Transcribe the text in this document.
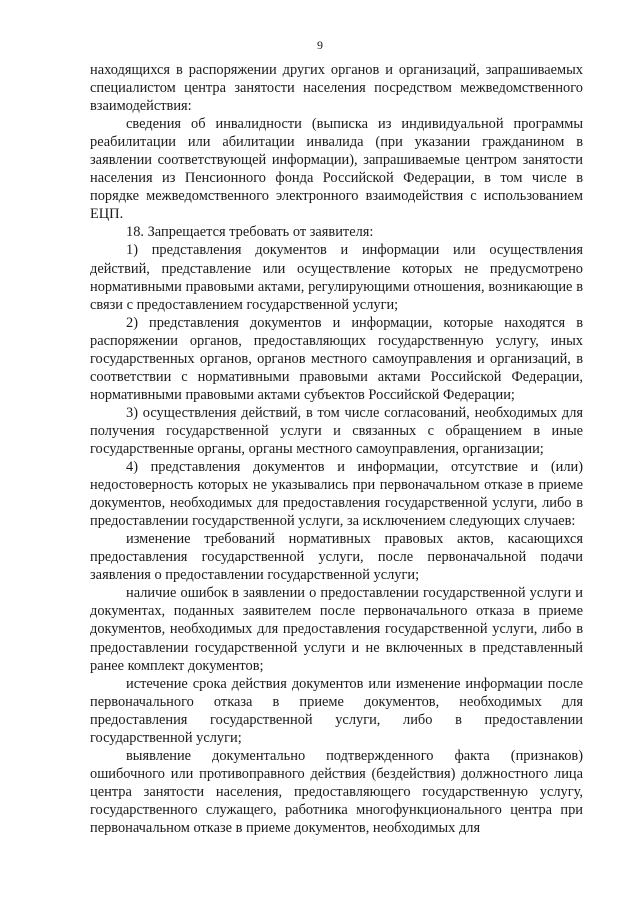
9

находящихся в распоряжении других органов и организаций, запрашиваемых специалистом центра занятости населения посредством межведомственного взаимодействия:

сведения об инвалидности (выписка из индивидуальной программы реабилитации или абилитации инвалида (при указании гражданином в заявлении соответствующей информации), запрашиваемые центром занятости населения из Пенсионного фонда Российской Федерации, в том числе в порядке межведомственного электронного взаимодействия с использованием ЕЦП.

18. Запрещается требовать от заявителя:

1) представления документов и информации или осуществления действий, представление или осуществление которых не предусмотрено нормативными правовыми актами, регулирующими отношения, возникающие в связи с предоставлением государственной услуги;

2) представления документов и информации, которые находятся в распоряжении органов, предоставляющих государственную услугу, иных государственных органов, органов местного самоуправления и организаций, в соответствии с нормативными правовыми актами Российской Федерации, нормативными правовыми актами субъектов Российской Федерации;

3) осуществления действий, в том числе согласований, необходимых для получения государственной услуги и связанных с обращением в иные государственные органы, органы местного самоуправления, организации;

4) представления документов и информации, отсутствие и (или) недостоверность которых не указывались при первоначальном отказе в приеме документов, необходимых для предоставления государственной услуги, либо в предоставлении государственной услуги, за исключением следующих случаев:

изменение требований нормативных правовых актов, касающихся предоставления государственной услуги, после первоначальной подачи заявления о предоставлении государственной услуги;

наличие ошибок в заявлении о предоставлении государственной услуги и документах, поданных заявителем после первоначального отказа в приеме документов, необходимых для предоставления государственной услуги, либо в предоставлении государственной услуги и не включенных в представленный ранее комплект документов;

истечение срока действия документов или изменение информации после первоначального отказа в приеме документов, необходимых для предоставления государственной услуги, либо в предоставлении государственной услуги;

выявление документально подтвержденного факта (признаков) ошибочного или противоправного действия (бездействия) должностного лица центра занятости населения, предоставляющего государственную услугу, государственного служащего, работника многофункционального центра при первоначальном отказе в приеме документов, необходимых для
